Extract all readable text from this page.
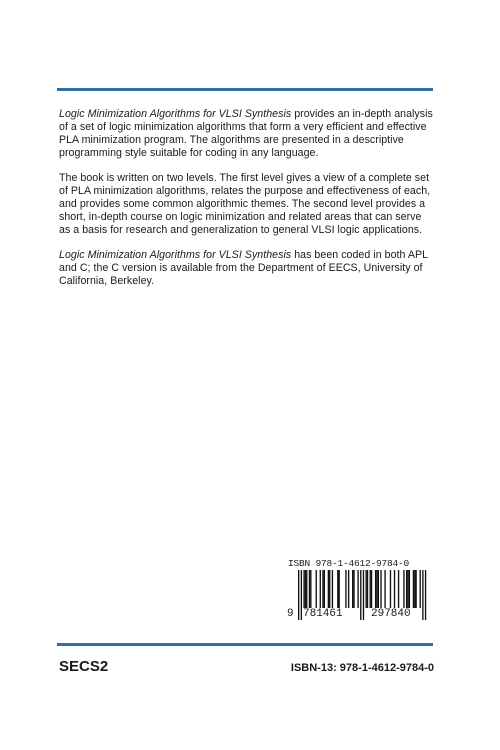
Logic Minimization Algorithms for VLSI Synthesis provides an in-depth analysis of a set of logic minimization algorithms that form a very efficient and effective PLA minimization program. The algorithms are presented in a descriptive programming style suitable for coding in any language.

The book is written on two levels. The first level gives a view of a complete set of PLA minimization algorithms, relates the purpose and effectiveness of each, and provides some common algorithmic themes. The second level provides a short, in-depth course on logic minimization and related areas that can serve as a basis for research and generalization to general VLSI logic applications.

Logic Minimization Algorithms for VLSI Synthesis has been coded in both APL and C; the C version is available from the Department of EECS, University of California, Berkeley.

ISBN 978-1-4612-9784-0
9 781461	297840
SECS2	ISBN-13: 978-1-4612-9784-0
